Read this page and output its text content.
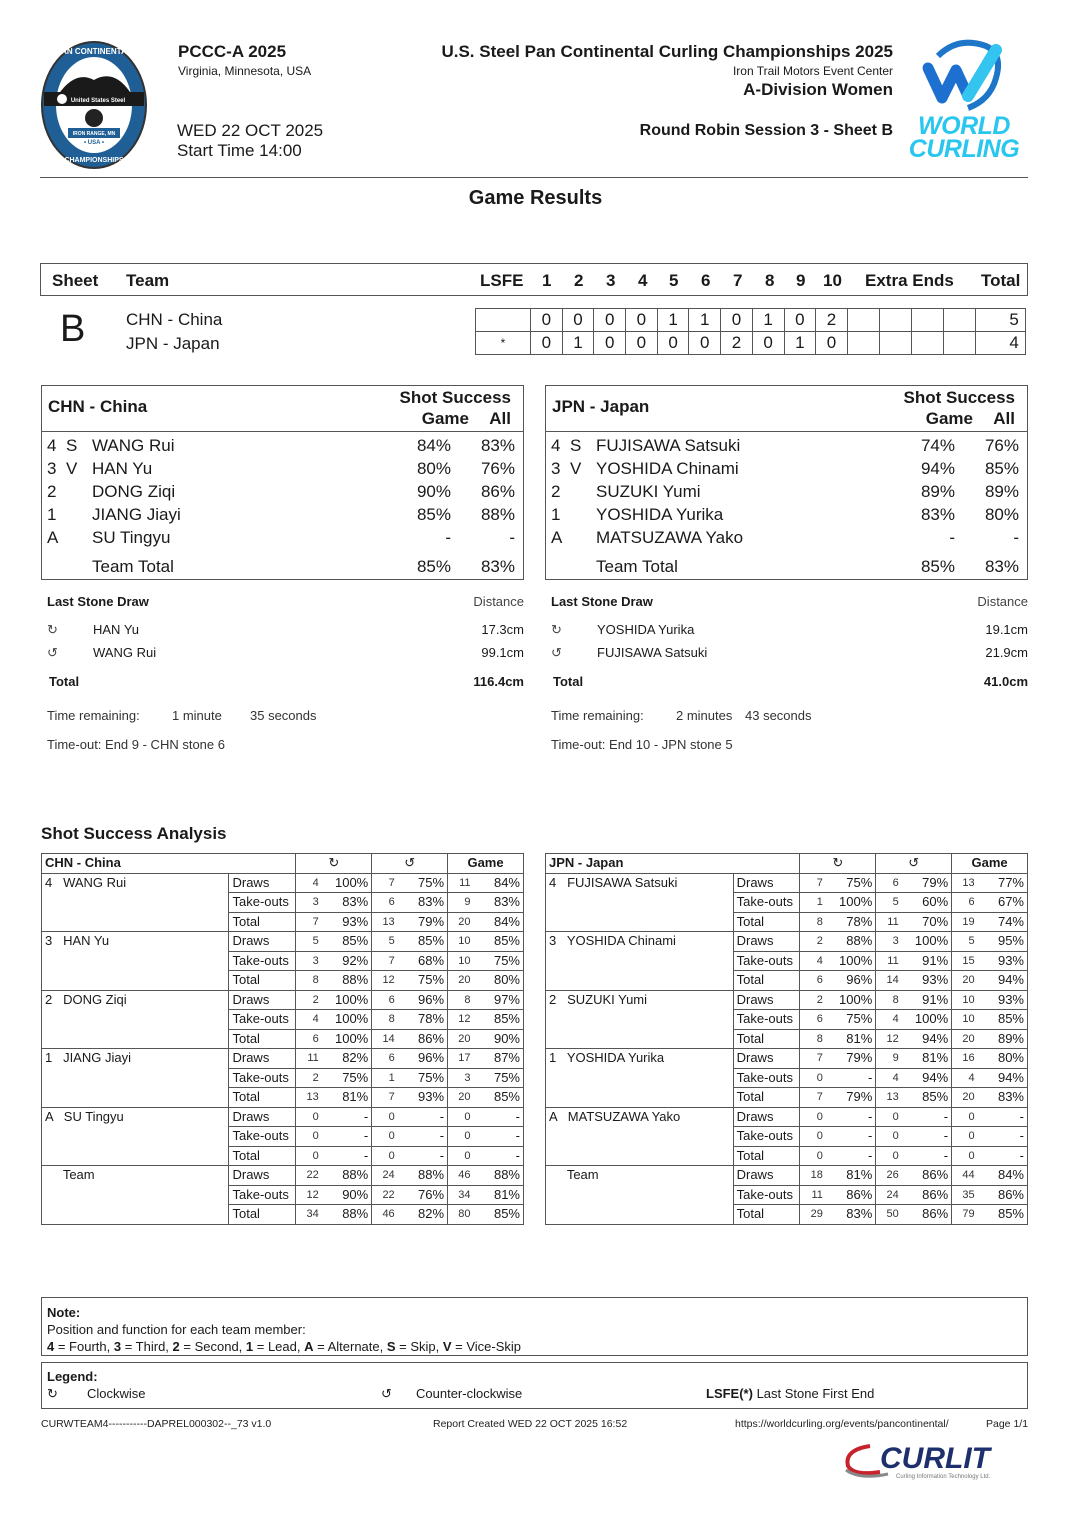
United States Steel
IRON RANGE, MN
• USA •
PAN CONTINENTAL
CHAMPIONSHIPS
PCCC-A 2025
Virginia, Minnesota, USA
WED 22 OCT 2025
Start Time 14:00
U.S. Steel Pan Continental Curling Championships 2025
Iron Trail Motors Event Center
A-Division Women
Round Robin Session 3 - Sheet B	WORLD
CURLING
Game Results
Sheet Team	LSFE 1 2 3 4 5 6 7 8 9 10 Extra Ends Total
B CHN - China
JPN - Japan
	0	0	0	0	1	1	0	1	0	2					5
*	0	1	0	0	0	0	2	0	1	0					4
CHN - China	Shot Success
Game All
4 S WANG Rui	84% 83%
3 V HAN Yu	80% 76%
2 DONG Ziqi	90% 86%
1 JIANG Jiayi	85% 88%
A SU Tingyu	-	-
Team Total	85% 83%
JPN - Japan	Shot Success
Game All
4 S FUJISAWA Satsuki	74% 76%
3 V YOSHIDA Chinami	94% 85%
2 SUZUKI Yumi	89% 89%
1 YOSHIDA Yurika	83% 80%
A MATSUZAWA Yako	-	-
Team Total	85% 83%
Last Stone Draw	Distance
↻	HAN Yu	17.3cm
↺	WANG Rui	99.1cm
Total	116.4cm
Time remaining: 1 minute 35 seconds
Time-out: End 9 - CHN stone 6
Last Stone Draw	Distance
↻	YOSHIDA Yurika	19.1cm
↺	FUJISAWA Satsuki	21.9cm
Total	41.0cm
Time remaining: 2 minutes 43 seconds
Time-out: End 10 - JPN stone 5
Shot Success Analysis
CHN - China		↻		↺		Game	
4   WANG Rui	Draws	4	100%	7	75%	11	84%
	Take-outs	3	83%	6	83%	9	83%
	Total	7	93%	13	79%	20	84%
3   HAN Yu	Draws	5	85%	5	85%	10	85%
	Take-outs	3	92%	7	68%	10	75%
	Total	8	88%	12	75%	20	80%
2   DONG Ziqi	Draws	2	100%	6	96%	8	97%
	Take-outs	4	100%	8	78%	12	85%
	Total	6	100%	14	86%	20	90%
1   JIANG Jiayi	Draws	11	82%	6	96%	17	87%
	Take-outs	2	75%	1	75%	3	75%
	Total	13	81%	7	93%	20	85%
A   SU Tingyu	Draws	0	-	0	-	0	-
	Take-outs	0	-	0	-	0	-
	Total	0	-	0	-	0	-
Team	Draws	22	88%	24	88%	46	88%
	Take-outs	12	90%	22	76%	34	81%
	Total	34	88%	46	82%	80	85%
JPN - Japan		↻		↺		Game	
4   FUJISAWA Satsuki	Draws	7	75%	6	79%	13	77%
	Take-outs	1	100%	5	60%	6	67%
	Total	8	78%	11	70%	19	74%
3   YOSHIDA Chinami	Draws	2	88%	3	100%	5	95%
	Take-outs	4	100%	11	91%	15	93%
	Total	6	96%	14	93%	20	94%
2   SUZUKI Yumi	Draws	2	100%	8	91%	10	93%
	Take-outs	6	75%	4	100%	10	85%
	Total	8	81%	12	94%	20	89%
1   YOSHIDA Yurika	Draws	7	79%	9	81%	16	80%
	Take-outs	0	-	4	94%	4	94%
	Total	7	79%	13	85%	20	83%
A   MATSUZAWA Yako	Draws	0	-	0	-	0	-
	Take-outs	0	-	0	-	0	-
	Total	0	-	0	-	0	-
Team	Draws	18	81%	26	86%	44	84%
	Take-outs	11	86%	24	86%	35	86%
	Total	29	83%	50	86%	79	85%
Note:
Position and function for each team member:
4 = Fourth, 3 = Third, 2 = Second, 1 = Lead, A = Alternate, S = Skip, V = Vice-Skip
Legend:
↻ Clockwise	↺ Counter-clockwise	LSFE(*) Last Stone First End
CURWTEAM4-----------DAPREL000302--_73 v1.0	Report Created WED 22 OCT 2025 16:52	https://worldcurling.org/events/pancontinental/	Page 1/1
CURLIT
Curling Information Technology Ltd.
